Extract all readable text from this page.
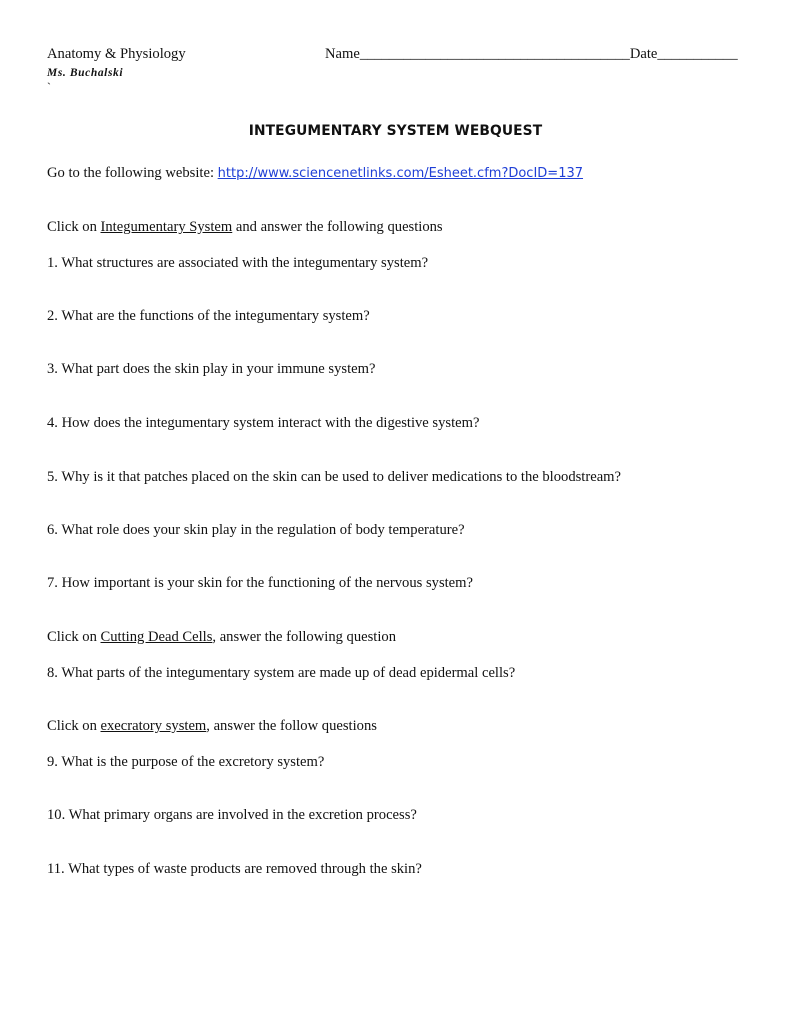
Anatomy & Physiology	Name_____________________________________Date___________
Ms. Buchalski
`
INTEGUMENTARY SYSTEM WEBQUEST
Go to the following website: http://www.sciencenetlinks.com/Esheet.cfm?DocID=137
Click on Integumentary System and answer the following questions
1. What structures are associated with the integumentary system?
2. What are the functions of the integumentary system?
3. What part does the skin play in your immune system?
4. How does the integumentary system interact with the digestive system?
5. Why is it that patches placed on the skin can be used to deliver medications to the bloodstream?
6. What role does your skin play in the regulation of body temperature?
7. How important is your skin for the functioning of the nervous system?
Click on Cutting Dead Cells, answer the following question
8. What parts of the integumentary system are made up of dead epidermal cells?
Click on execratory system, answer the follow questions
9. What is the purpose of the excretory system?
10. What primary organs are involved in the excretion process?
11. What types of waste products are removed through the skin?
